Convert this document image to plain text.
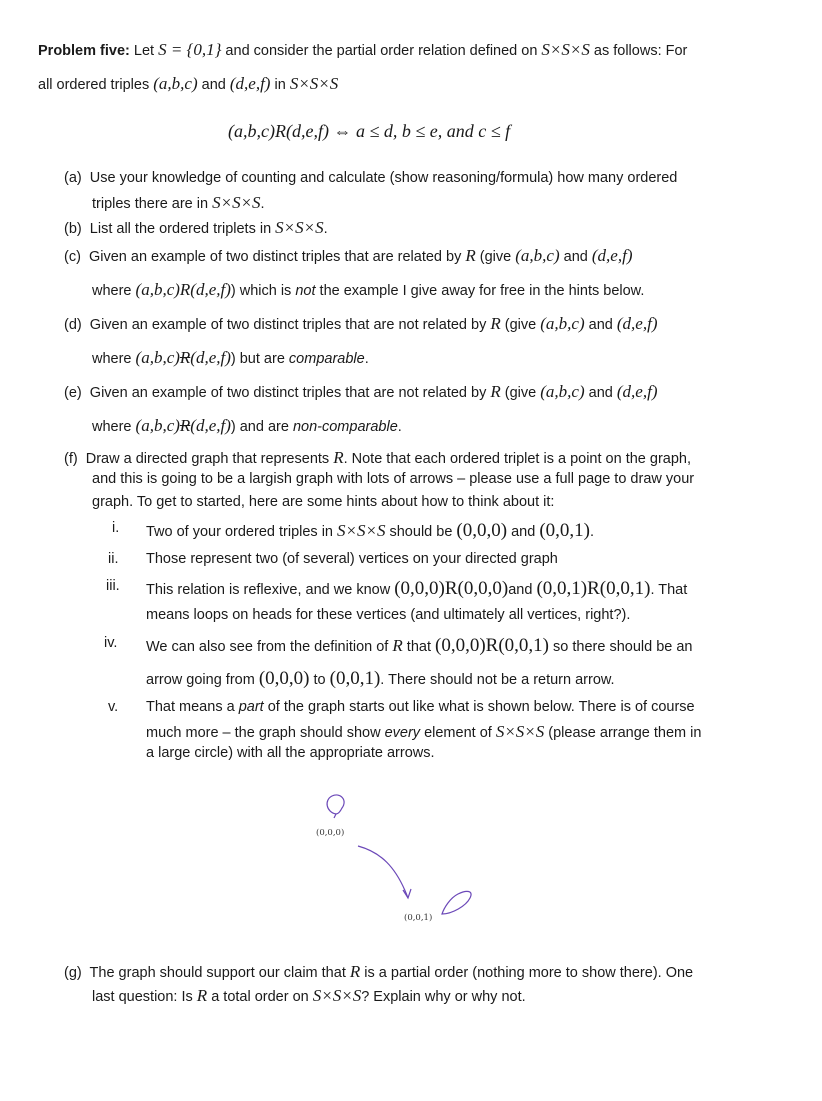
Problem five: Let S = {0,1} and consider the partial order relation defined on S×S×S as follows: For
all ordered triples (a,b,c) and (d,e,f) in S×S×S
(a,b,c)R(d,e,f) ⇔ a ≤ d, b ≤ e, and c ≤ f
(a) Use your knowledge of counting and calculate (show reasoning/formula) how many ordered
triples there are in S×S×S.
(b) List all the ordered triplets in S×S×S.
(c) Given an example of two distinct triples that are related by R (give (a,b,c) and (d,e,f)
where (a,b,c)R(d,e,f)) which is not the example I give away for free in the hints below.
(d) Given an example of two distinct triples that are not related by R (give (a,b,c) and (d,e,f)
where (a,b,c)R(d,e,f)) but are comparable.
(e) Given an example of two distinct triples that are not related by R (give (a,b,c) and (d,e,f)
where (a,b,c)R(d,e,f)) and are non-comparable.
(f) Draw a directed graph that represents R. Note that each ordered triplet is a point on the graph,
and this is going to be a largish graph with lots of arrows – please use a full page to draw your
graph. To get to started, here are some hints about how to think about it:
i. Two of your ordered triples in S×S×S should be (0,0,0) and (0,0,1).
ii. Those represent two (of several) vertices on your directed graph
iii. This relation is reflexive, and we know (0,0,0)R(0,0,0)and (0,0,1)R(0,0,1). That
means loops on heads for these vertices (and ultimately all vertices, right?).
iv. We can also see from the definition of R that (0,0,0)R(0,0,1) so there should be an
arrow going from (0,0,0) to (0,0,1). There should not be a return arrow.
v. That means a part of the graph starts out like what is shown below. There is of course
much more – the graph should show every element of S×S×S (please arrange them in
a large circle) with all the appropriate arrows.
(0,0,0)
(0,0,1)
(g) The graph should support our claim that R is a partial order (nothing more to show there). One
last question: Is R a total order on S×S×S? Explain why or why not.
